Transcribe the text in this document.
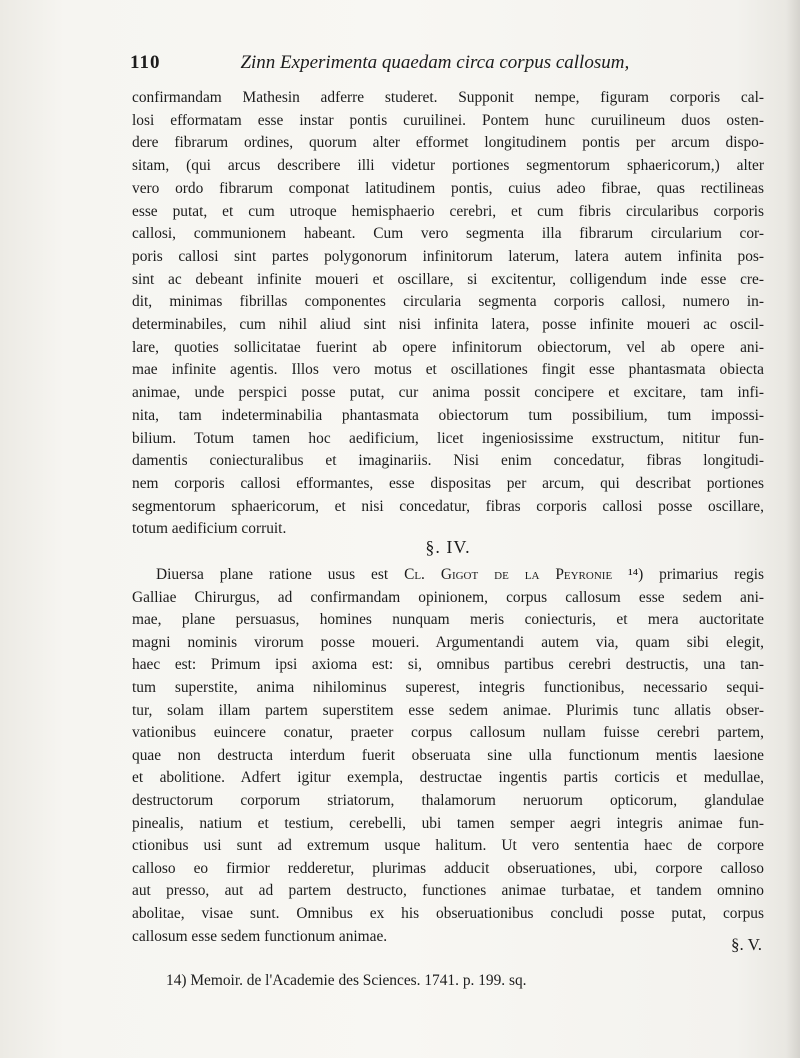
110	Zinn Experimenta quaedam circa corpus callosum,

confirmandam Mathesin adferre studeret. Supponit nempe, figuram corporis cal-
losi efformatam esse instar pontis curuilinei. Pontem hunc curuilineum duos osten-
dere fibrarum ordines, quorum alter efformet longitudinem pontis per arcum dispo-
sitam, (qui arcus describere illi videtur portiones segmentorum sphaericorum,) alter
vero ordo fibrarum componat latitudinem pontis, cuius adeo fibrae, quas rectilineas
esse putat, et cum utroque hemisphaerio cerebri, et cum fibris circularibus corporis
callosi, communionem habeant. Cum vero segmenta illa fibrarum circularium cor-
poris callosi sint partes polygonorum infinitorum laterum, latera autem infinita pos-
sint ac debeant infinite moueri et oscillare, si excitentur, colligendum inde esse cre-
dit, minimas fibrillas componentes circularia segmenta corporis callosi, numero in-
determinabiles, cum nihil aliud sint nisi infinita latera, posse infinite moueri ac oscil-
lare, quoties sollicitatae fuerint ab opere infinitorum obiectorum, vel ab opere ani-
mae infinite agentis. Illos vero motus et oscillationes fingit esse phantasmata obiecta
animae, unde perspici posse putat, cur anima possit concipere et excitare, tam infi-
nita, tam indeterminabilia phantasmata obiectorum tum possibilium, tum impossi-
bilium. Totum tamen hoc aedificium, licet ingeniosissime exstructum, nititur fun-
damentis coniecturalibus et imaginariis. Nisi enim concedatur, fibras longitudi-
nem corporis callosi efformantes, esse dispositas per arcum, qui describat portiones
segmentorum sphaericorum, et nisi concedatur, fibras corporis callosi posse oscillare,
totum aedificium corruit.

§. IV.

Diuersa plane ratione usus est Cl. Gigot de la Peyronie ¹⁴) primarius regis
Galliae Chirurgus, ad confirmandam opinionem, corpus callosum esse sedem ani-
mae, plane persuasus, homines nunquam meris coniecturis, et mera auctoritate
magni nominis virorum posse moueri. Argumentandi autem via, quam sibi elegit,
haec est: Primum ipsi axioma est: si, omnibus partibus cerebri destructis, una tan-
tum superstite, anima nihilominus superest, integris functionibus, necessario sequi-
tur, solam illam partem superstitem esse sedem animae. Plurimis tunc allatis obser-
vationibus euincere conatur, praeter corpus callosum nullam fuisse cerebri partem,
quae non destructa interdum fuerit obseruata sine ulla functionum mentis laesione
et abolitione. Adfert igitur exempla, destructae ingentis partis corticis et medullae,
destructorum corporum striatorum, thalamorum neruorum opticorum, glandulae
pinealis, natium et testium, cerebelli, ubi tamen semper aegri integris animae fun-
ctionibus usi sunt ad extremum usque halitum. Ut vero sententia haec de corpore
calloso eo firmior redderetur, plurimas adducit obseruationes, ubi, corpore calloso
aut presso, aut ad partem destructo, functiones animae turbatae, et tandem omnino
abolitae, visae sunt. Omnibus ex his obseruationibus concludi posse putat, corpus
callosum esse sedem functionum animae.	§. V.
14) Memoir. de l'Academie des Sciences. 1741. p. 199. sq.
